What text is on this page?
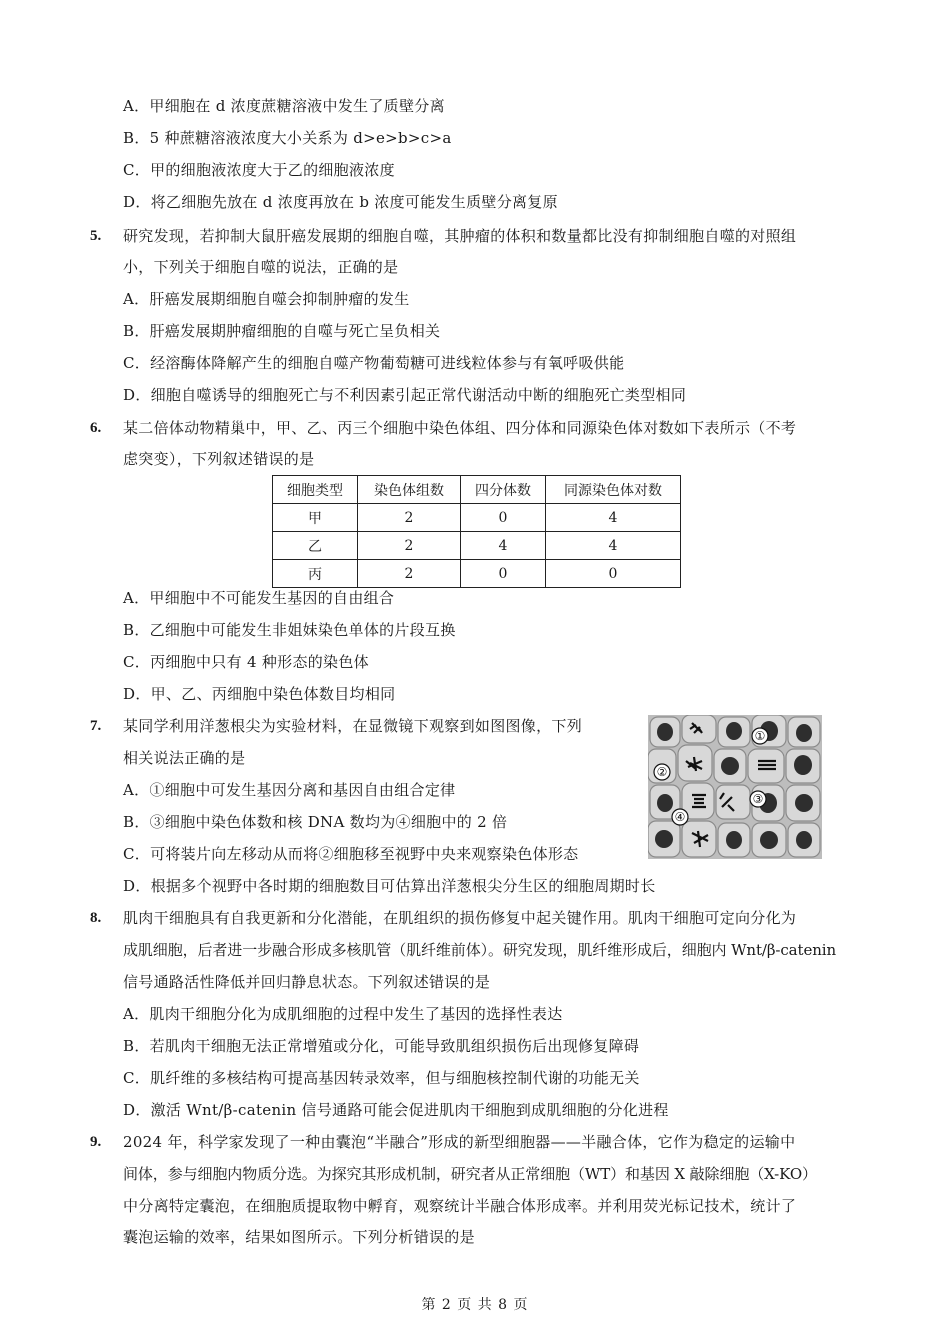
A．甲细胞在 d 浓度蔗糖溶液中发生了质壁分离
B．5 种蔗糖溶液浓度大小关系为 d>e>b>c>a
C．甲的细胞液浓度大于乙的细胞液浓度
D．将乙细胞先放在 d 浓度再放在 b 浓度可能发生质壁分离复原
5. 研究发现，若抑制大鼠肝癌发展期的细胞自噬，其肿瘤的体积和数量都比没有抑制细胞自噬的对照组
小，下列关于细胞自噬的说法，正确的是
A．肝癌发展期细胞自噬会抑制肿瘤的发生
B．肝癌发展期肿瘤细胞的自噬与死亡呈负相关
C．经溶酶体降解产生的细胞自噬产物葡萄糖可进线粒体参与有氧呼吸供能
D．细胞自噬诱导的细胞死亡与不利因素引起正常代谢活动中断的细胞死亡类型相同
6. 某二倍体动物精巢中，甲、乙、丙三个细胞中染色体组、四分体和同源染色体对数如下表所示（不考
虑突变），下列叙述错误的是
细胞类型	染色体组数	四分体数	同源染色体对数
甲	2	0	4
乙	2	4	4
丙	2	0	0
A．甲细胞中不可能发生基因的自由组合
B．乙细胞中可能发生非姐妹染色单体的片段互换
C．丙细胞中只有 4 种形态的染色体
D．甲、乙、丙细胞中染色体数目均相同
7. 某同学利用洋葱根尖为实验材料，在显微镜下观察到如图图像，下列
相关说法正确的是
A．①细胞中可发生基因分离和基因自由组合定律
B．③细胞中染色体数和核 DNA 数均为④细胞中的 2 倍
C．可将装片向左移动从而将②细胞移至视野中央来观察染色体形态
D．根据多个视野中各时期的细胞数目可估算出洋葱根尖分生区的细胞周期时长
①
②
③
④
8. 肌肉干细胞具有自我更新和分化潜能，在肌组织的损伤修复中起关键作用。肌肉干细胞可定向分化为
成肌细胞，后者进一步融合形成多核肌管（肌纤维前体）。研究发现，肌纤维形成后，细胞内 Wnt/β-catenin
信号通路活性降低并回归静息状态。下列叙述错误的是
A．肌肉干细胞分化为成肌细胞的过程中发生了基因的选择性表达
B．若肌肉干细胞无法正常增殖或分化，可能导致肌组织损伤后出现修复障碍
C．肌纤维的多核结构可提高基因转录效率，但与细胞核控制代谢的功能无关
D．激活 Wnt/β-catenin 信号通路可能会促进肌肉干细胞到成肌细胞的分化进程
9. 2024 年，科学家发现了一种由囊泡“半融合”形成的新型细胞器——半融合体，它作为稳定的运输中
间体，参与细胞内物质分选。为探究其形成机制，研究者从正常细胞（WT）和基因 X 敲除细胞（X-KO）
中分离特定囊泡，在细胞质提取物中孵育，观察统计半融合体形成率。并利用荧光标记技术，统计了
囊泡运输的效率，结果如图所示。下列分析错误的是
第 2 页 共 8 页
